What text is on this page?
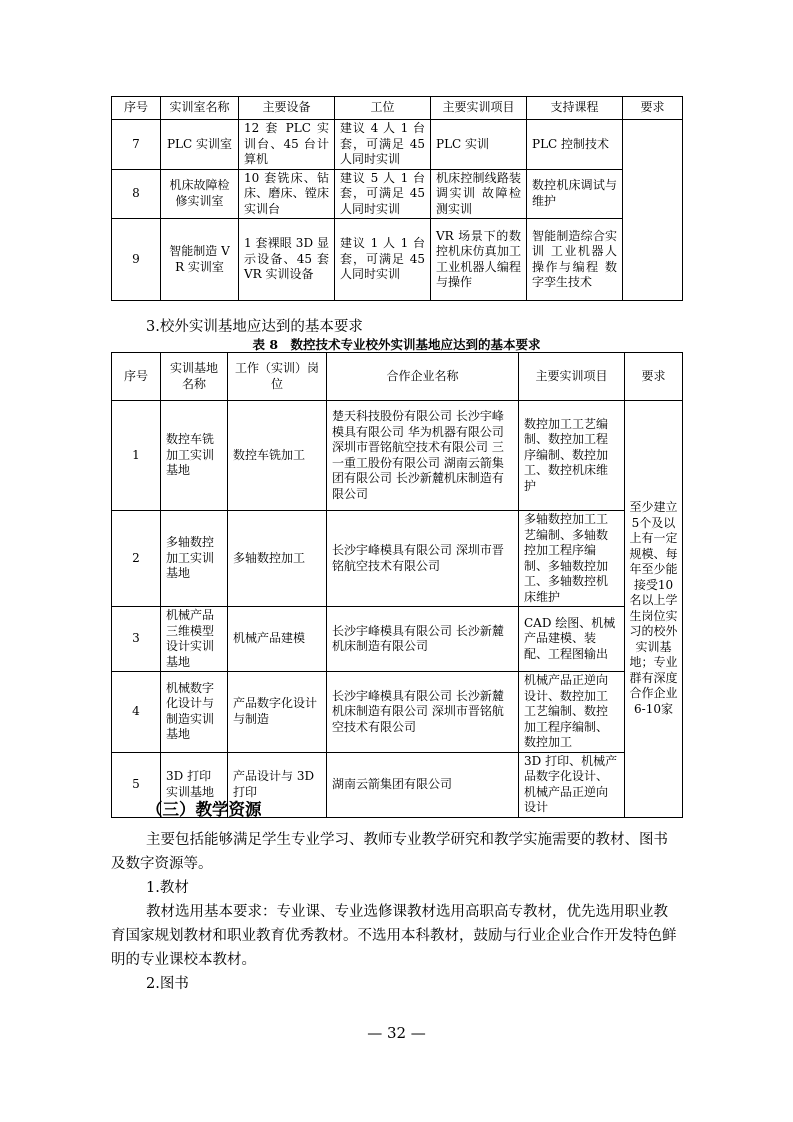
序号	实训室名称	主要设备	工位	主要实训项目	支持课程	要求
7	PLC 实训室	12 套 PLC 实训台、45 台计算机	建议 4 人 1 台套，可满足 45 人同时实训	PLC 实训	PLC 控制技术	
8	机床故障检修实训室	10 套铣床、钻床、磨床、镗床实训台	建议 5 人 1 台套，可满足 45 人同时实训	机床控制线路装调实训 故障检测实训	数控机床调试与维护	
9	智能制造 VR 实训室	1 套裸眼 3D 显示设备、45 套 VR 实训设备	建议 1 人 1 台套，可满足 45 人同时实训	VR 场景下的数控机床仿真加工 工业机器人编程与操作	智能制造综合实训 工业机器人操作与编程 数字孪生技术	
3.校外实训基地应达到的基本要求
表 8　数控技术专业校外实训基地应达到的基本要求
序号	实训基地名称	工作（实训）岗位	合作企业名称	主要实训项目	要求
1	数控车铣加工实训基地	数控车铣加工	楚天科技股份有限公司 长沙宇峰模具有限公司 华为机器有限公司 深圳市晋铭航空技术有限公司 三一重工股份有限公司 湖南云箭集团有限公司 长沙新麓机床制造有限公司	数控加工工艺编制、数控加工程序编制、数控加工、数控机床维护	至少建立5个及以上有一定规模、每年至少能接受10名以上学生岗位实习的校外实训基地；专业群有深度合作企业6-10家
2	多轴数控加工实训基地	多轴数控加工	长沙宇峰模具有限公司 深圳市晋铭航空技术有限公司	多轴数控加工工艺编制、多轴数控加工程序编制、多轴数控加工、多轴数控机床维护	
3	机械产品三维模型设计实训基地	机械产品建模	长沙宇峰模具有限公司 长沙新麓机床制造有限公司	CAD 绘图、机械产品建模、装配、工程图输出	
4	机械数字化设计与制造实训基地	产品数字化设计与制造	长沙宇峰模具有限公司 长沙新麓机床制造有限公司 深圳市晋铭航空技术有限公司	机械产品正逆向设计、数控加工工艺编制、数控加工程序编制、数控加工	
5	3D 打印实训基地	产品设计与 3D 打印	湖南云箭集团有限公司	3D 打印、机械产品数字化设计、机械产品正逆向设计	
（三）教学资源
主要包括能够满足学生专业学习、教师专业教学研究和教学实施需要的教材、图书及数字资源等。
1.教材
教材选用基本要求：专业课、专业选修课教材选用高职高专教材，优先选用职业教育国家规划教材和职业教育优秀教材。不选用本科教材，鼓励与行业企业合作开发特色鲜明的专业课校本教材。
2.图书
— 32 —
